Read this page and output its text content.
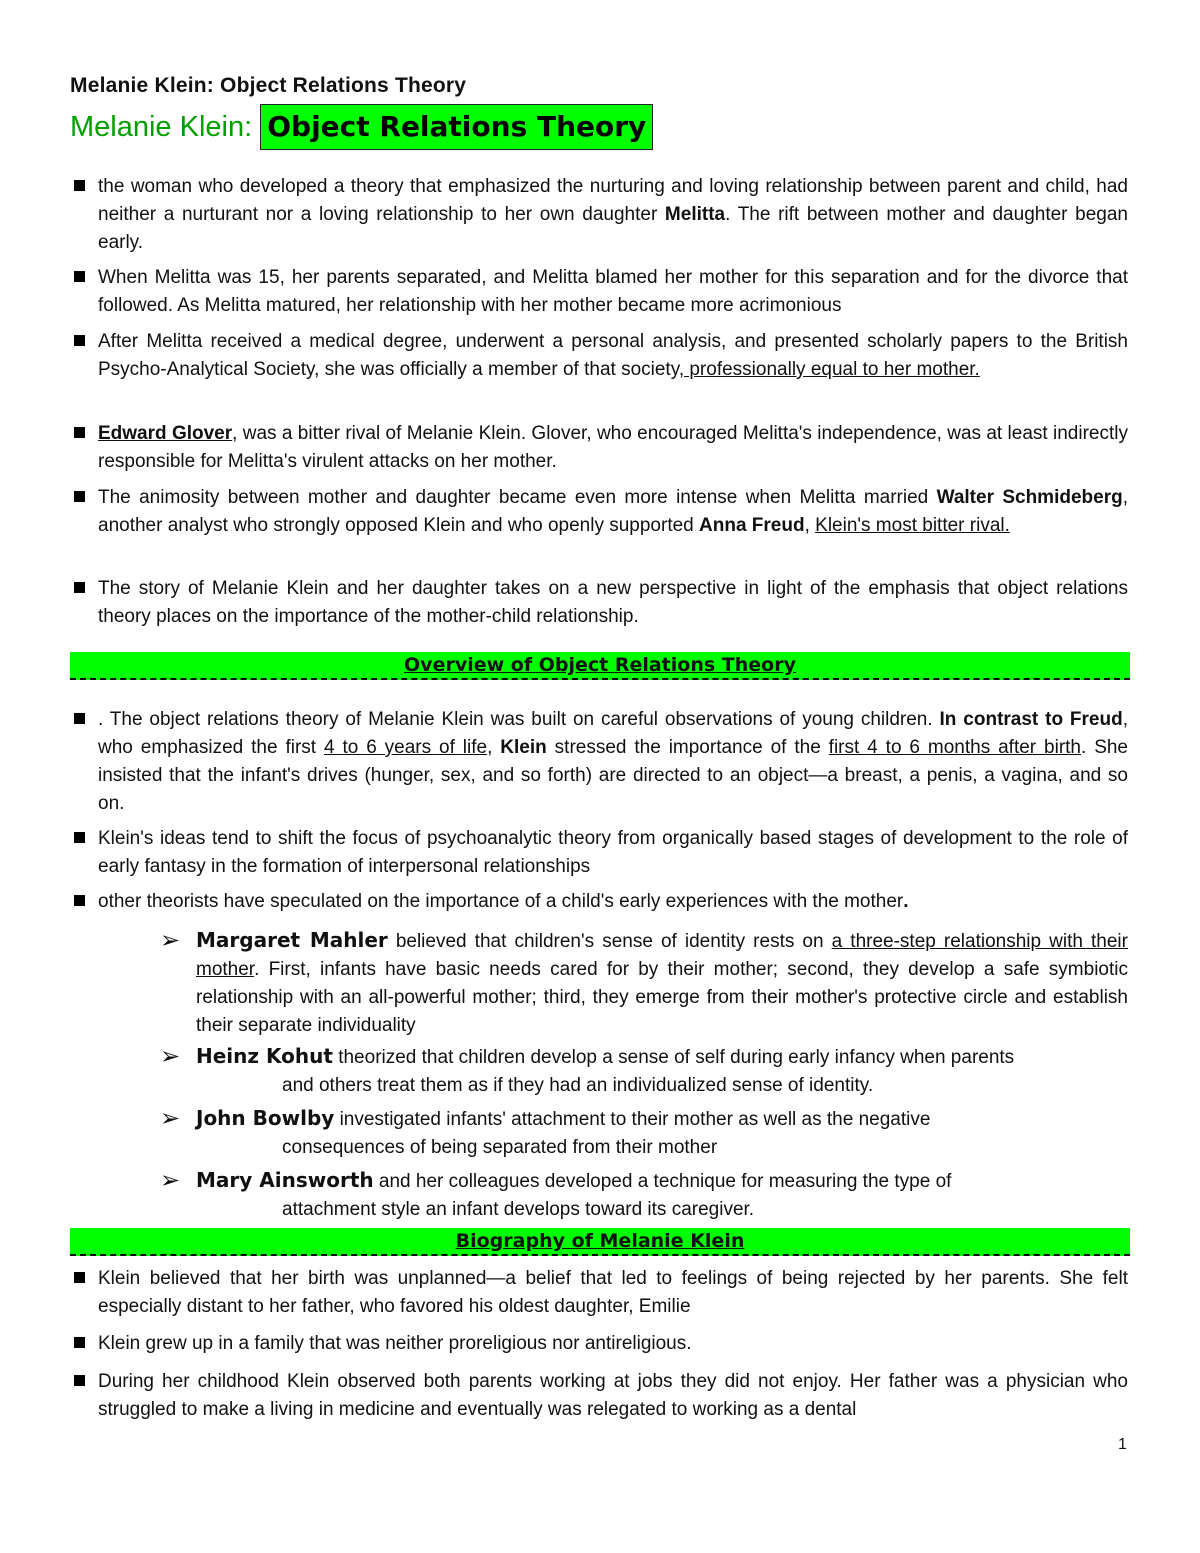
Melanie Klein: Object Relations Theory
Melanie Klein: Object Relations Theory
the woman who developed a theory that emphasized the nurturing and loving relationship between parent and child, had neither a nurturant nor a loving relationship to her own daughter Melitta. The rift between mother and daughter began early.
When Melitta was 15, her parents separated, and Melitta blamed her mother for this separation and for the divorce that followed. As Melitta matured, her relationship with her mother became more acrimonious
After Melitta received a medical degree, underwent a personal analysis, and presented scholarly papers to the British Psycho-Analytical Society, she was officially a member of that society, professionally equal to her mother.
Edward Glover, was a bitter rival of Melanie Klein. Glover, who encouraged Melitta's independence, was at least indirectly responsible for Melitta's virulent attacks on her mother.
The animosity between mother and daughter became even more intense when Melitta married Walter Schmideberg, another analyst who strongly opposed Klein and who openly supported Anna Freud, Klein's most bitter rival.
The story of Melanie Klein and her daughter takes on a new perspective in light of the emphasis that object relations theory places on the importance of the mother-child relationship.
Overview of Object Relations Theory
. The object relations theory of Melanie Klein was built on careful observations of young children. In contrast to Freud, who emphasized the first 4 to 6 years of life, Klein stressed the importance of the first 4 to 6 months after birth. She insisted that the infant's drives (hunger, sex, and so forth) are directed to an object—a breast, a penis, a vagina, and so on.
Klein's ideas tend to shift the focus of psychoanalytic theory from organically based stages of development to the role of early fantasy in the formation of interpersonal relationships
other theorists have speculated on the importance of a child's early experiences with the mother.
➢ Margaret Mahler believed that children's sense of identity rests on a three-step relationship with their mother. First, infants have basic needs cared for by their mother; second, they develop a safe symbiotic relationship with an all-powerful mother; third, they emerge from their mother's protective circle and establish their separate individuality
➢ Heinz Kohut theorized that children develop a sense of self during early infancy when parents
and others treat them as if they had an individualized sense of identity.
➢ John Bowlby investigated infants' attachment to their mother as well as the negative
consequences of being separated from their mother
➢ Mary Ainsworth and her colleagues developed a technique for measuring the type of
attachment style an infant develops toward its caregiver.
Biography of Melanie Klein
Klein believed that her birth was unplanned—a belief that led to feelings of being rejected by her parents. She felt especially distant to her father, who favored his oldest daughter, Emilie
Klein grew up in a family that was neither proreligious nor antireligious.
During her childhood Klein observed both parents working at jobs they did not enjoy. Her father was a physician who struggled to make a living in medicine and eventually was relegated to working as a dental
1
